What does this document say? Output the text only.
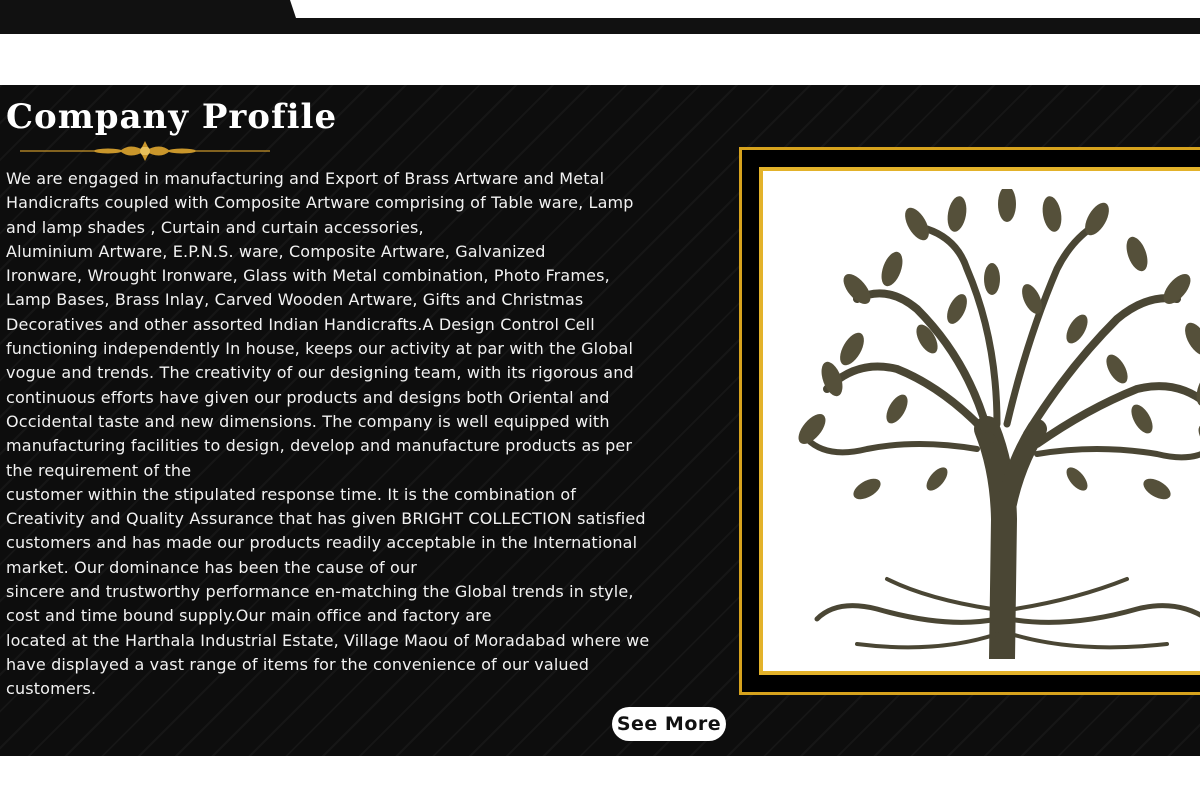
Company Profile

We are engaged in manufacturing and Export of Brass Artware and Metal
Handicrafts coupled with Composite Artware comprising of Table ware, Lamp
and lamp shades , Curtain and curtain accessories,
Aluminium Artware, E.P.N.S. ware, Composite Artware, Galvanized
Ironware, Wrought Ironware, Glass with Metal combination, Photo Frames,
Lamp Bases, Brass Inlay, Carved Wooden Artware, Gifts and Christmas
Decoratives and other assorted Indian Handicrafts.A Design Control Cell
functioning independently In house, keeps our activity at par with the Global
vogue and trends. The creativity of our designing team, with its rigorous and
continuous efforts have given our products and designs both Oriental and
Occidental taste and new dimensions. The company is well equipped with
manufacturing facilities to design, develop and manufacture products as per
the requirement of the
customer within the stipulated response time. It is the combination of
Creativity and Quality Assurance that has given BRIGHT COLLECTION satisfied
customers and has made our products readily acceptable in the International
market. Our dominance has been the cause of our
sincere and trustworthy performance en-matching the Global trends in style,
cost and time bound supply.Our main office and factory are
located at the Harthala Industrial Estate, Village Maou of Moradabad where we
have displayed a vast range of items for the convenience of our valued
customers.

See More
